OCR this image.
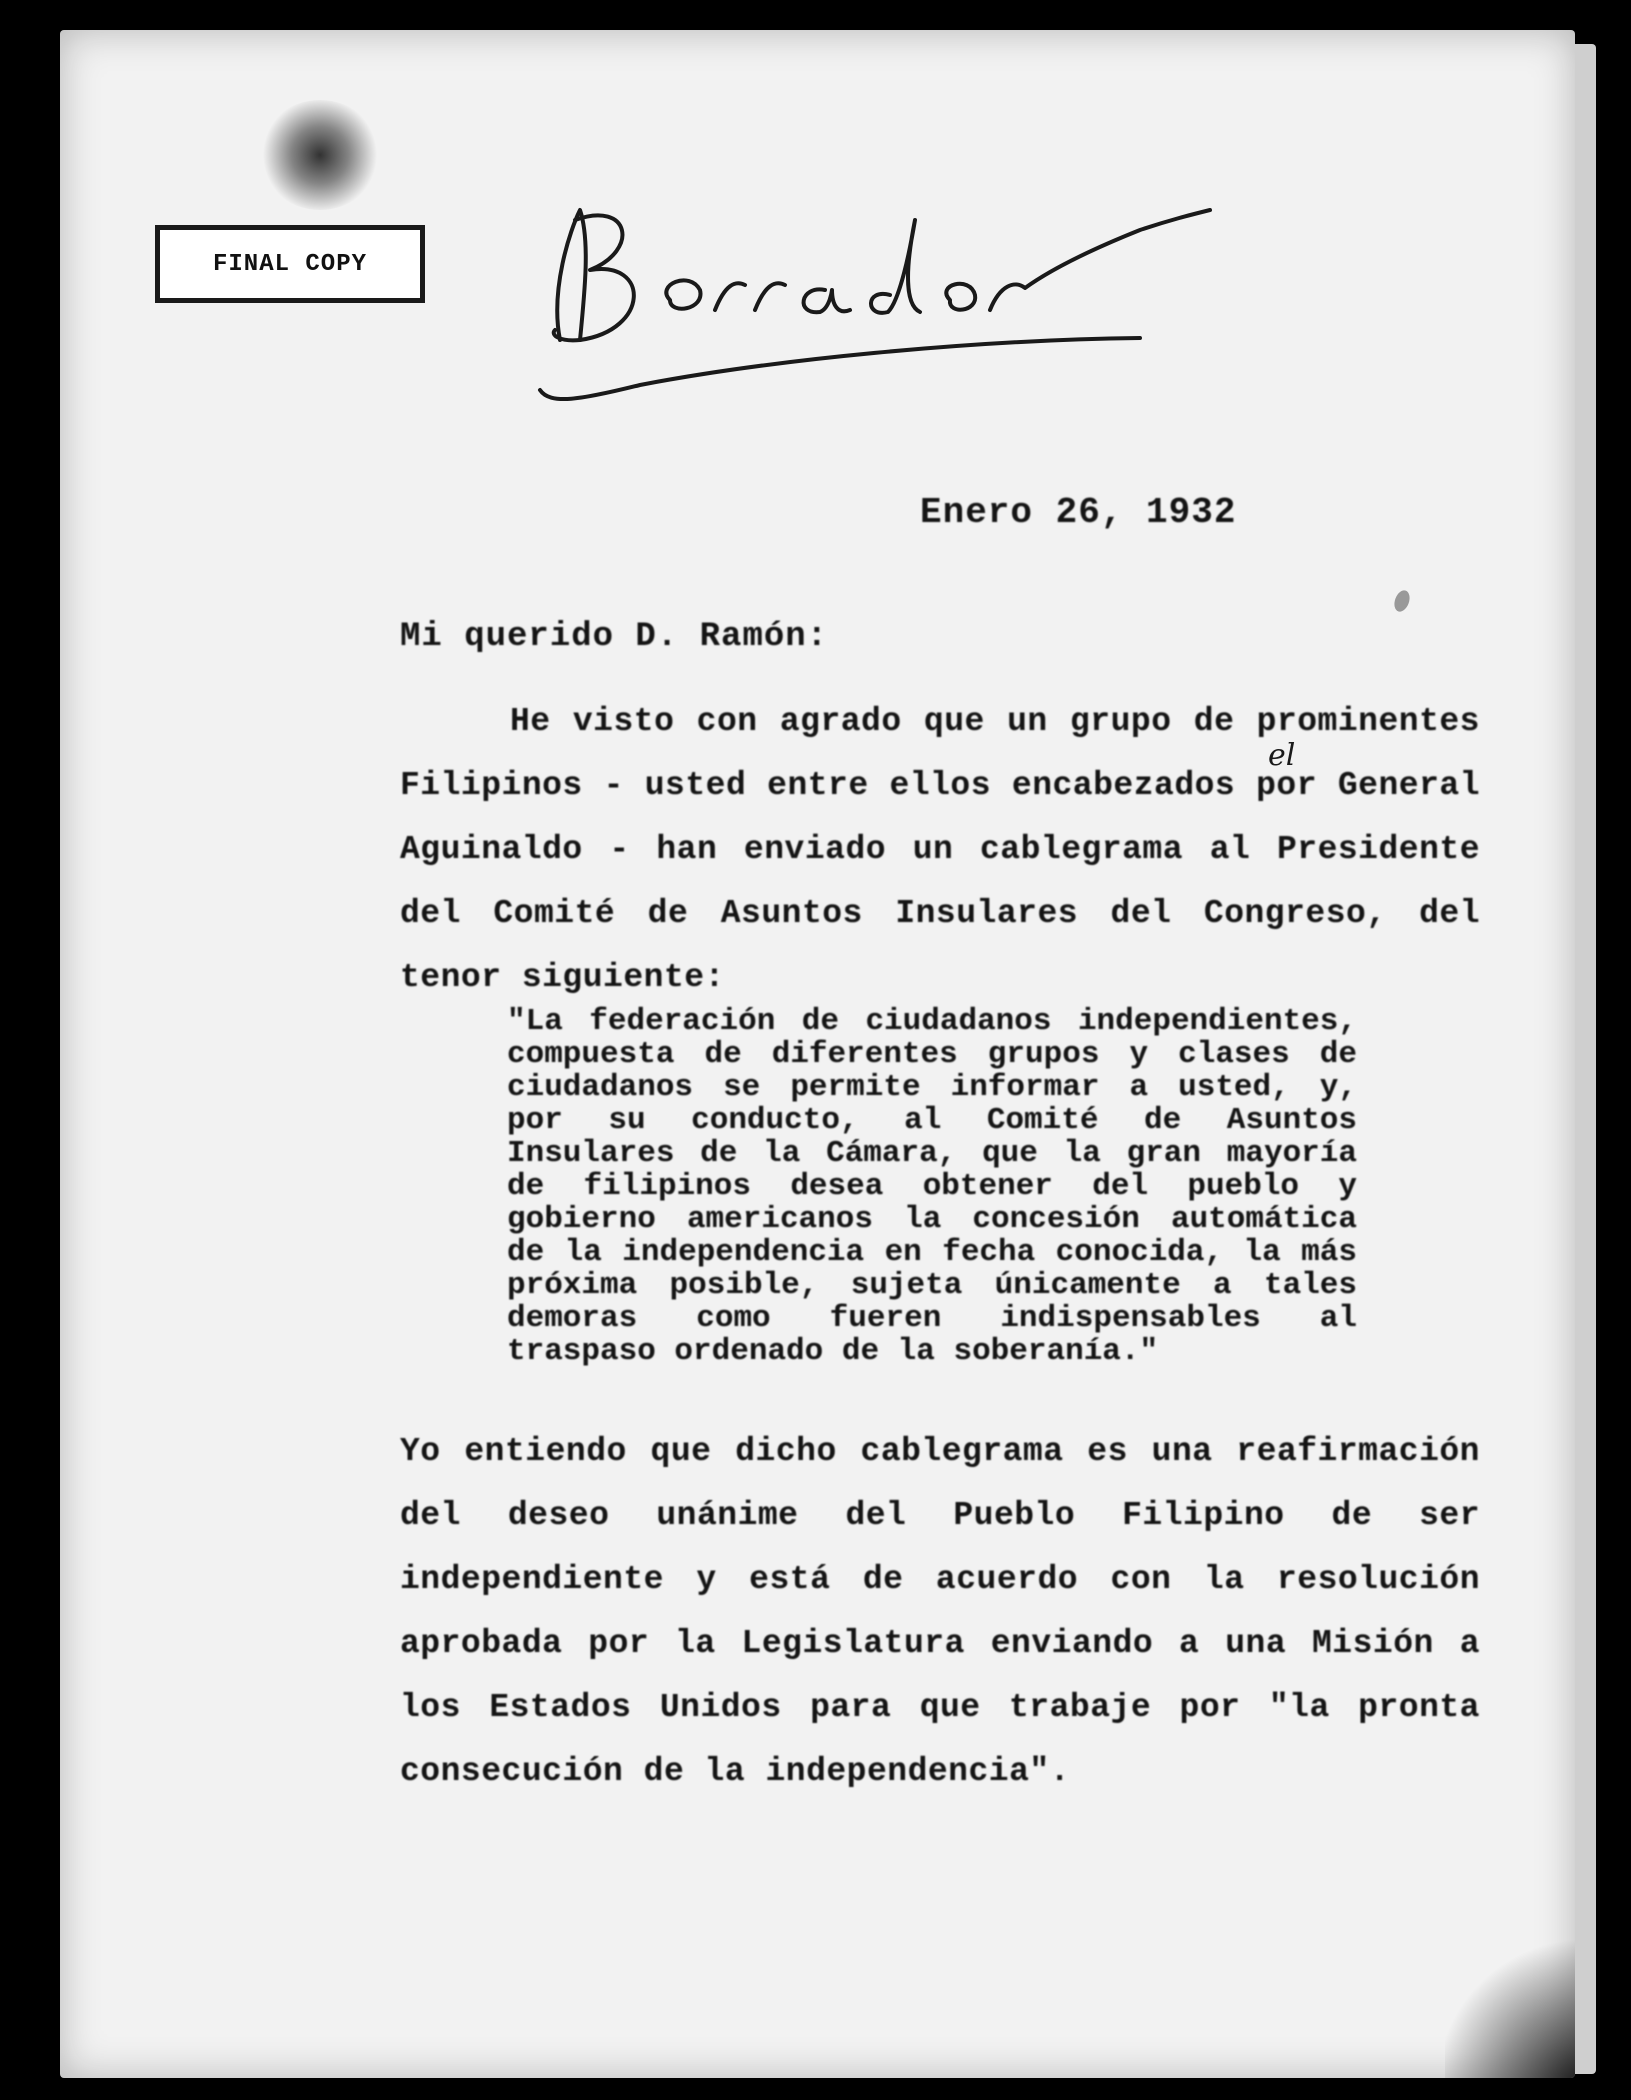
FINAL COPY
Enero 26, 1932
Mi querido D. Ramón:
el
He visto con agrado que un grupo de prominentes Filipinos - usted entre ellos encabezados por General Aguinaldo - han enviado un cablegrama al Presidente del Comité de Asuntos Insulares del Congreso, del tenor siguiente:
"La federación de ciudadanos independientes, compuesta de diferentes grupos y clases de ciudadanos se permite informar a usted, y, por su conducto, al Comité de Asuntos Insulares de la Cámara, que la gran mayoría de filipinos desea obtener del pueblo y gobierno americanos la concesión automática de la independencia en fecha conocida, la más próxima posible, sujeta únicamente a tales demoras como fueren indispensables al traspaso ordenado de la soberanía."
Yo entiendo que dicho cablegrama es una reafirmación del deseo unánime del Pueblo Filipino de ser independiente y está de acuerdo con la resolución aprobada por la Legislatura enviando a una Misión a los Estados Unidos para que trabaje por "la pronta consecución de la independencia".
